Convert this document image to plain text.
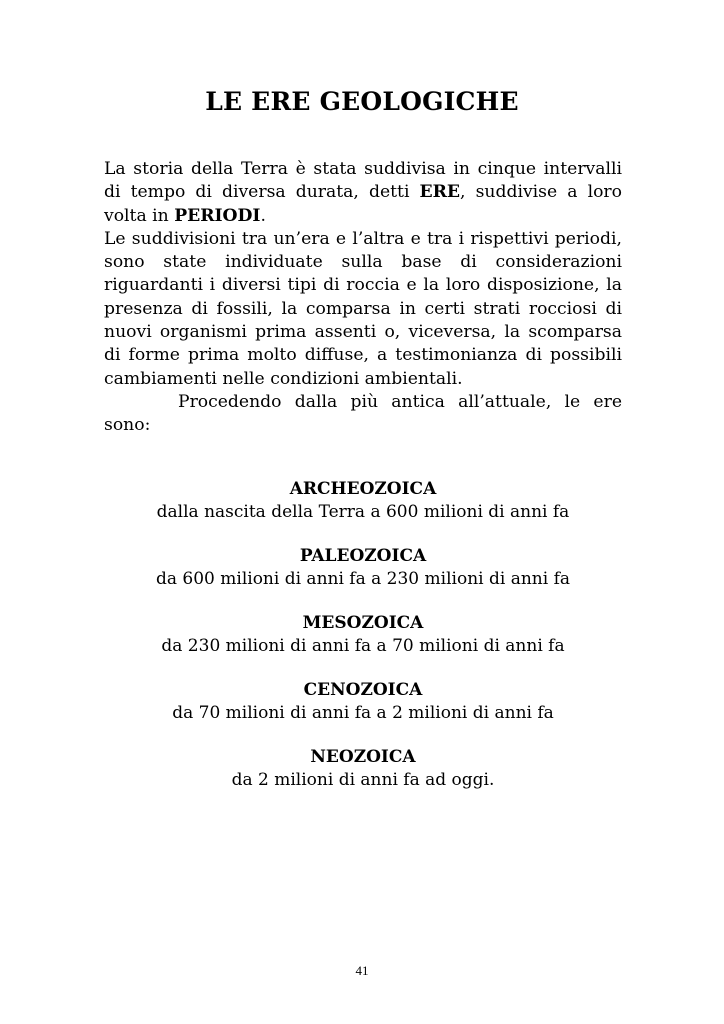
LE ERE GEOLOGICHE

La storia della Terra è stata suddivisa in cinque intervalli di tempo di diversa durata, detti ERE, suddivise a loro volta in PERIODI.

Le suddivisioni tra un’era e l’altra e tra i rispettivi periodi, sono state individuate sulla base di considerazioni riguardanti i diversi tipi di roccia e la loro disposizione, la presenza di fossili, la comparsa in certi strati rocciosi di nuovi organismi prima assenti o, viceversa, la scomparsa di forme prima molto diffuse, a testimonianza di possibili cambiamenti nelle condizioni ambientali.

Procedendo dalla più antica all’attuale, le ere sono:

ARCHEOZOICA
dalla nascita della Terra a 600 milioni di anni fa
PALEOZOICA
da 600 milioni di anni fa a 230 milioni di anni fa
MESOZOICA
da 230 milioni di anni fa a 70 milioni di anni fa
CENOZOICA
da 70 milioni di anni fa a 2 milioni di anni fa
NEOZOICA
da 2 milioni di anni fa ad oggi.
41
